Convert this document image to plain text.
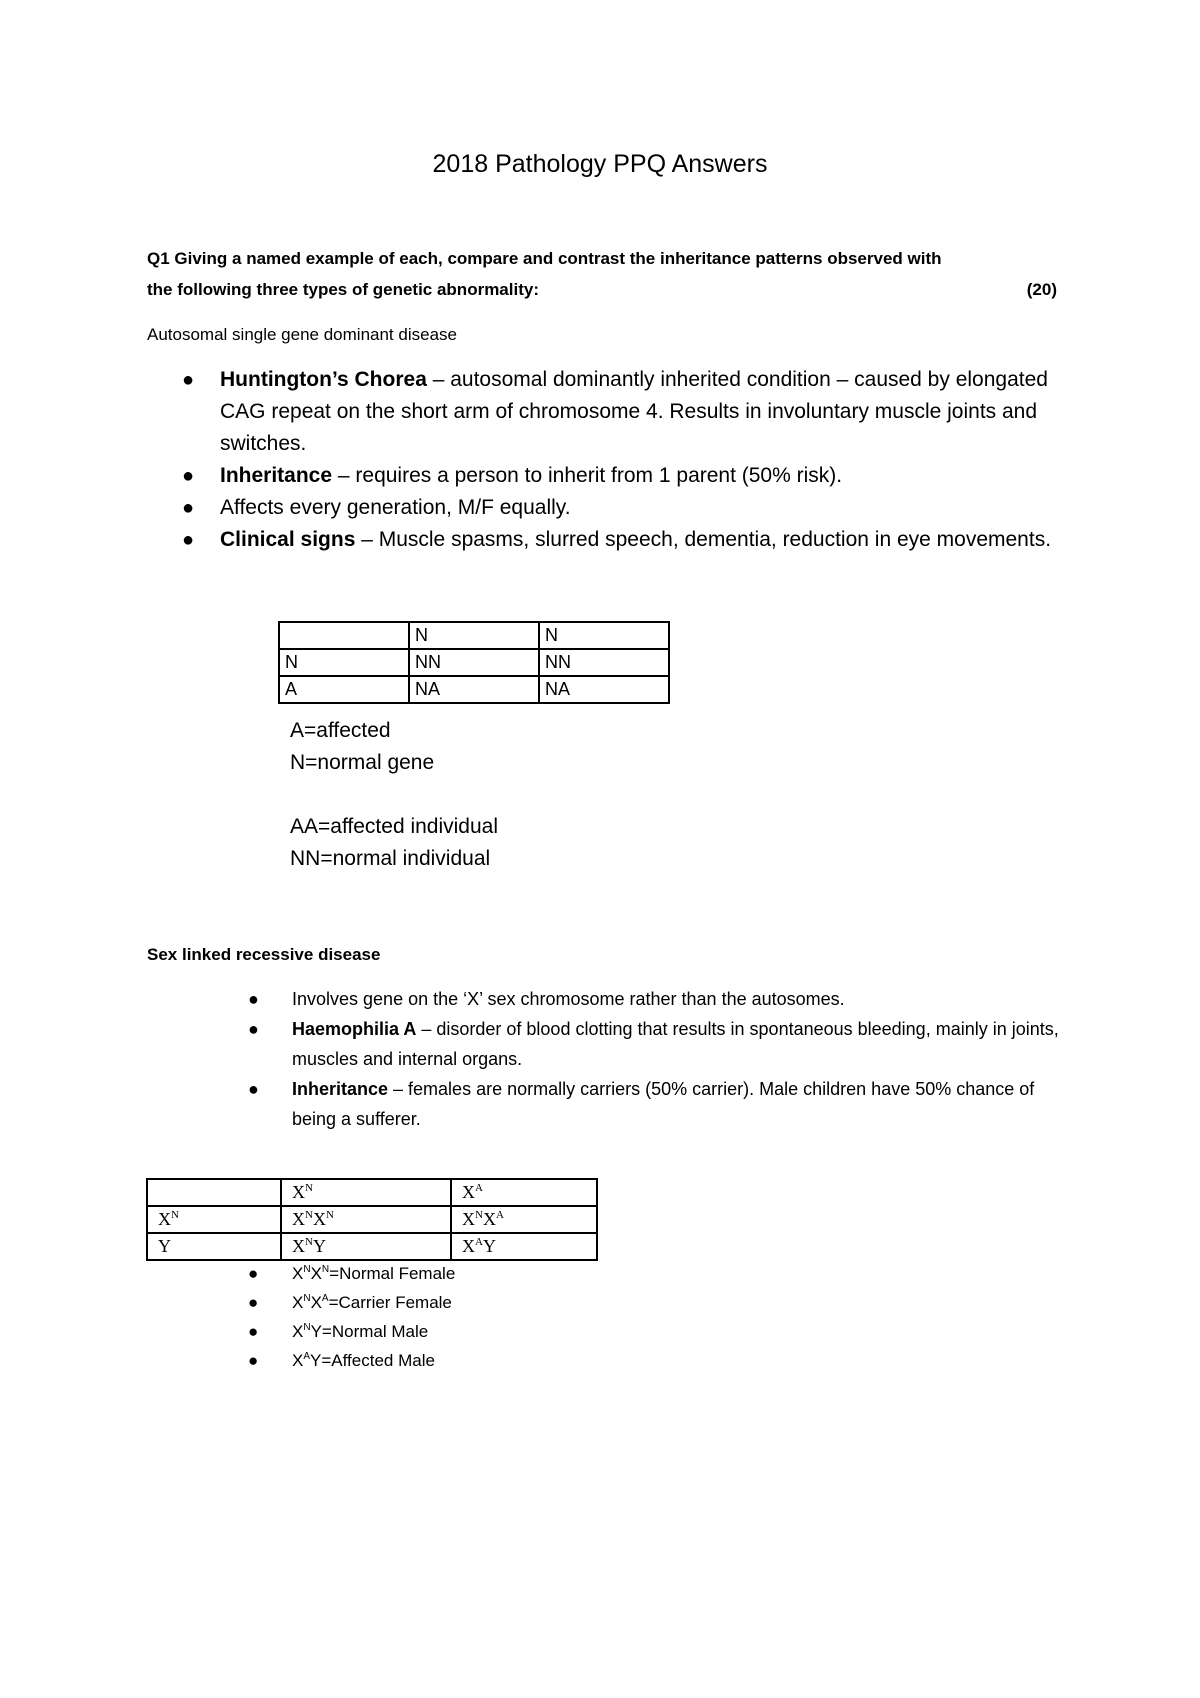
2018 Pathology PPQ Answers
Q1 Giving a named example of each, compare and contrast the inheritance patterns observed with
the following three types of genetic abnormality:	(20)
Autosomal single gene dominant disease
● Huntington’s Chorea – autosomal dominantly inherited condition – caused by elongated CAG repeat on the short arm of chromosome 4. Results in involuntary muscle joints and switches.
● Inheritance – requires a person to inherit from 1 parent (50% risk).
● Affects every generation, M/F equally.
● Clinical signs – Muscle spasms, slurred speech, dementia, reduction in eye movements.
	N	N
N	NN	NN
A	NA	NA
A=affected
N=normal gene
AA=affected individual
NN=normal individual
Sex linked recessive disease
● Involves gene on the ‘X’ sex chromosome rather than the autosomes.
● Haemophilia A – disorder of blood clotting that results in spontaneous bleeding, mainly in joints, muscles and internal organs.
● Inheritance – females are normally carriers (50% carrier). Male children have 50% chance of being a sufferer.
	$X^N$	$X^A$
$X^N$	$X^NX^N$	$X^NX^A$
Y	$X^NY$	$X^AY$
● $X^NX^N=Normal$ Female
● $X^NX^A=Carrier$ Female
● $X^NY=Normal$ Male
● $X^AY=Affected$ Male
